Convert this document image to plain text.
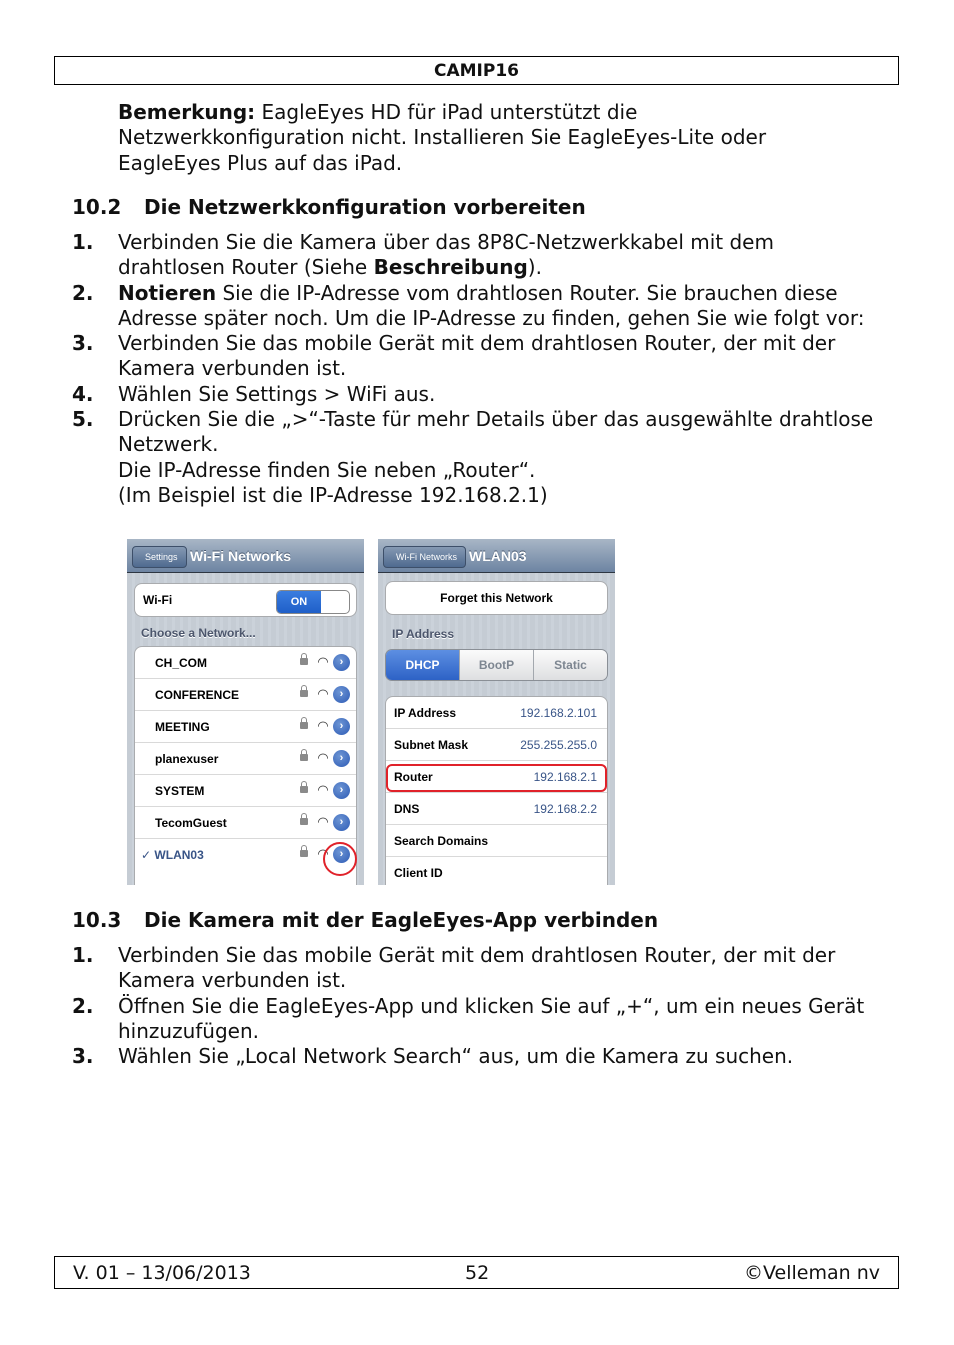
CAMIP16
Bemerkung: EagleEyes HD für iPad unterstützt die Netzwerkkonfiguration nicht. Installieren Sie EagleEyes-Lite oder EagleEyes Plus auf das iPad.
10.2 Die Netzwerkkonfiguration vorbereiten
1. Verbinden Sie die Kamera über das 8P8C-Netzwerkkabel mit dem drahtlosen Router (Siehe Beschreibung).
2. Notieren Sie die IP-Adresse vom drahtlosen Router. Sie brauchen diese Adresse später noch. Um die IP-Adresse zu finden, gehen Sie wie folgt vor:
3. Verbinden Sie das mobile Gerät mit dem drahtlosen Router, der mit der Kamera verbunden ist.
4. Wählen Sie Settings > WiFi aus.
5. Drücken Sie die „>“-Taste für mehr Details über das ausgewählte drahtlose Netzwerk.
Die IP-Adresse finden Sie neben „Router“.
(Im Beispiel ist die IP-Adresse 192.168.2.1)
Settings Wi-Fi Networks
Wi-Fi	ON
Choose a Network...
CH_COM	◠	›
CONFERENCE	◠	›
MEETING	◠	›
planexuser	◠	›
SYSTEM	◠	›
TecomGuest	◠	›
✓ WLAN03	◠	›
Wi-Fi Networks WLAN03
Forget this Network
IP Address
DHCP	BootP	Static
IP Address	192.168.2.101
Subnet Mask	255.255.255.0
Router	192.168.2.1
DNS	192.168.2.2
Search Domains
Client ID
10.3 Die Kamera mit der EagleEyes-App verbinden
1. Verbinden Sie das mobile Gerät mit dem drahtlosen Router, der mit der Kamera verbunden ist.
2. Öffnen Sie die EagleEyes-App und klicken Sie auf „+“, um ein neues Gerät hinzuzufügen.
3. Wählen Sie „Local Network Search“ aus, um die Kamera zu suchen.
V. 01 – 13/06/2013	52	©Velleman nv
